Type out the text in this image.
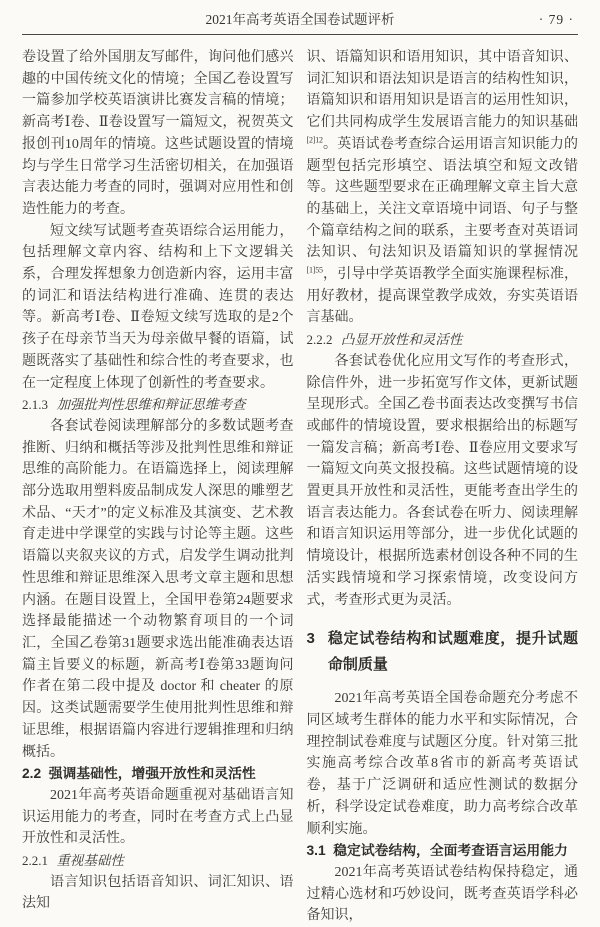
2021年高考英语全国卷试题评析	· 79 ·

卷设置了给外国朋友写邮件，询问他们感兴趣的中国传统文化的情境；全国乙卷设置写一篇参加学校英语演讲比赛发言稿的情境；新高考Ⅰ卷、Ⅱ卷设置写一篇短文，祝贺英文报创刊10周年的情境。这些试题设置的情境均与学生日常学习生活密切相关，在加强语言表达能力考查的同时，强调对应用性和创造性能力的考查。

短文续写试题考查英语综合运用能力，包括理解文章内容、结构和上下文逻辑关系，合理发挥想象力创造新内容，运用丰富的词汇和语法结构进行准确、连贯的表达等。新高考Ⅰ卷、Ⅱ卷短文续写选取的是2个孩子在母亲节当天为母亲做早餐的语篇，试题既落实了基础性和综合性的考查要求，也在一定程度上体现了创新性的考查要求。

2.1.3 加强批判性思维和辩证思维考查

各套试卷阅读理解部分的多数试题考查推断、归纳和概括等涉及批判性思维和辩证思维的高阶能力。在语篇选择上，阅读理解部分选取用塑料废品制成发人深思的雕塑艺术品、“天才”的定义标准及其演变、艺术教育走进中学课堂的实践与讨论等主题。这些语篇以夹叙夹议的方式，启发学生调动批判性思维和辩证思维深入思考文章主题和思想内涵。在题目设置上，全国甲卷第24题要求选择最能描述一个动物繁育项目的一个词汇，全国乙卷第31题要求选出能准确表达语篇主旨要义的标题，新高考Ⅰ卷第33题询问作者在第二段中提及 doctor 和 cheater 的原因。这类试题需要学生使用批判性思维和辩证思维，根据语篇内容进行逻辑推理和归纳概括。

2.2 强调基础性，增强开放性和灵活性

2021年高考英语命题重视对基础语言知识运用能力的考查，同时在考查方式上凸显开放性和灵活性。

2.2.1 重视基础性

语言知识包括语音知识、词汇知识、语法知

识、语篇知识和语用知识，其中语音知识、词汇知识和语法知识是语言的结构性知识，语篇知识和语用知识是语言的运用性知识，它们共同构成学生发展语言能力的知识基础$^{[2]12}$。英语试卷考查综合运用语言知识能力的题型包括完形填空、语法填空和短文改错等。这些题型要求在正确理解文章主旨大意的基础上，关注文章语境中词语、句子与整个篇章结构之间的联系，主要考查对英语词法知识、句法知识及语篇知识的掌握情况$^{[1]55}$，引导中学英语教学全面实施课程标准，用好教材，提高课堂教学成效，夯实英语语言基础。

2.2.2 凸显开放性和灵活性

各套试卷优化应用文写作的考查形式，除信件外，进一步拓宽写作文体，更新试题呈现形式。全国乙卷书面表达改变撰写书信或邮件的情境设置，要求根据给出的标题写一篇发言稿；新高考Ⅰ卷、Ⅱ卷应用文要求写一篇短文向英文报投稿。这些试题情境的设置更具开放性和灵活性，更能考查出学生的语言表达能力。各套试卷在听力、阅读理解和语言知识运用等部分，进一步优化试题的情境设计，根据所选素材创设各种不同的生活实践情境和学习探索情境，改变设问方式，考查形式更为灵活。

3 稳定试卷结构和试题难度，提升试题命制质量

2021年高考英语全国卷命题充分考虑不同区域考生群体的能力水平和实际情况，合理控制试卷难度与试题区分度。针对第三批实施高考综合改革8省市的新高考英语试卷，基于广泛调研和适应性测试的数据分析，科学设定试卷难度，助力高考综合改革顺利实施。

3.1 稳定试卷结构，全面考查语言运用能力

2021年高考英语试卷结构保持稳定，通过精心选材和巧妙设问，既考查英语学科必备知识，
